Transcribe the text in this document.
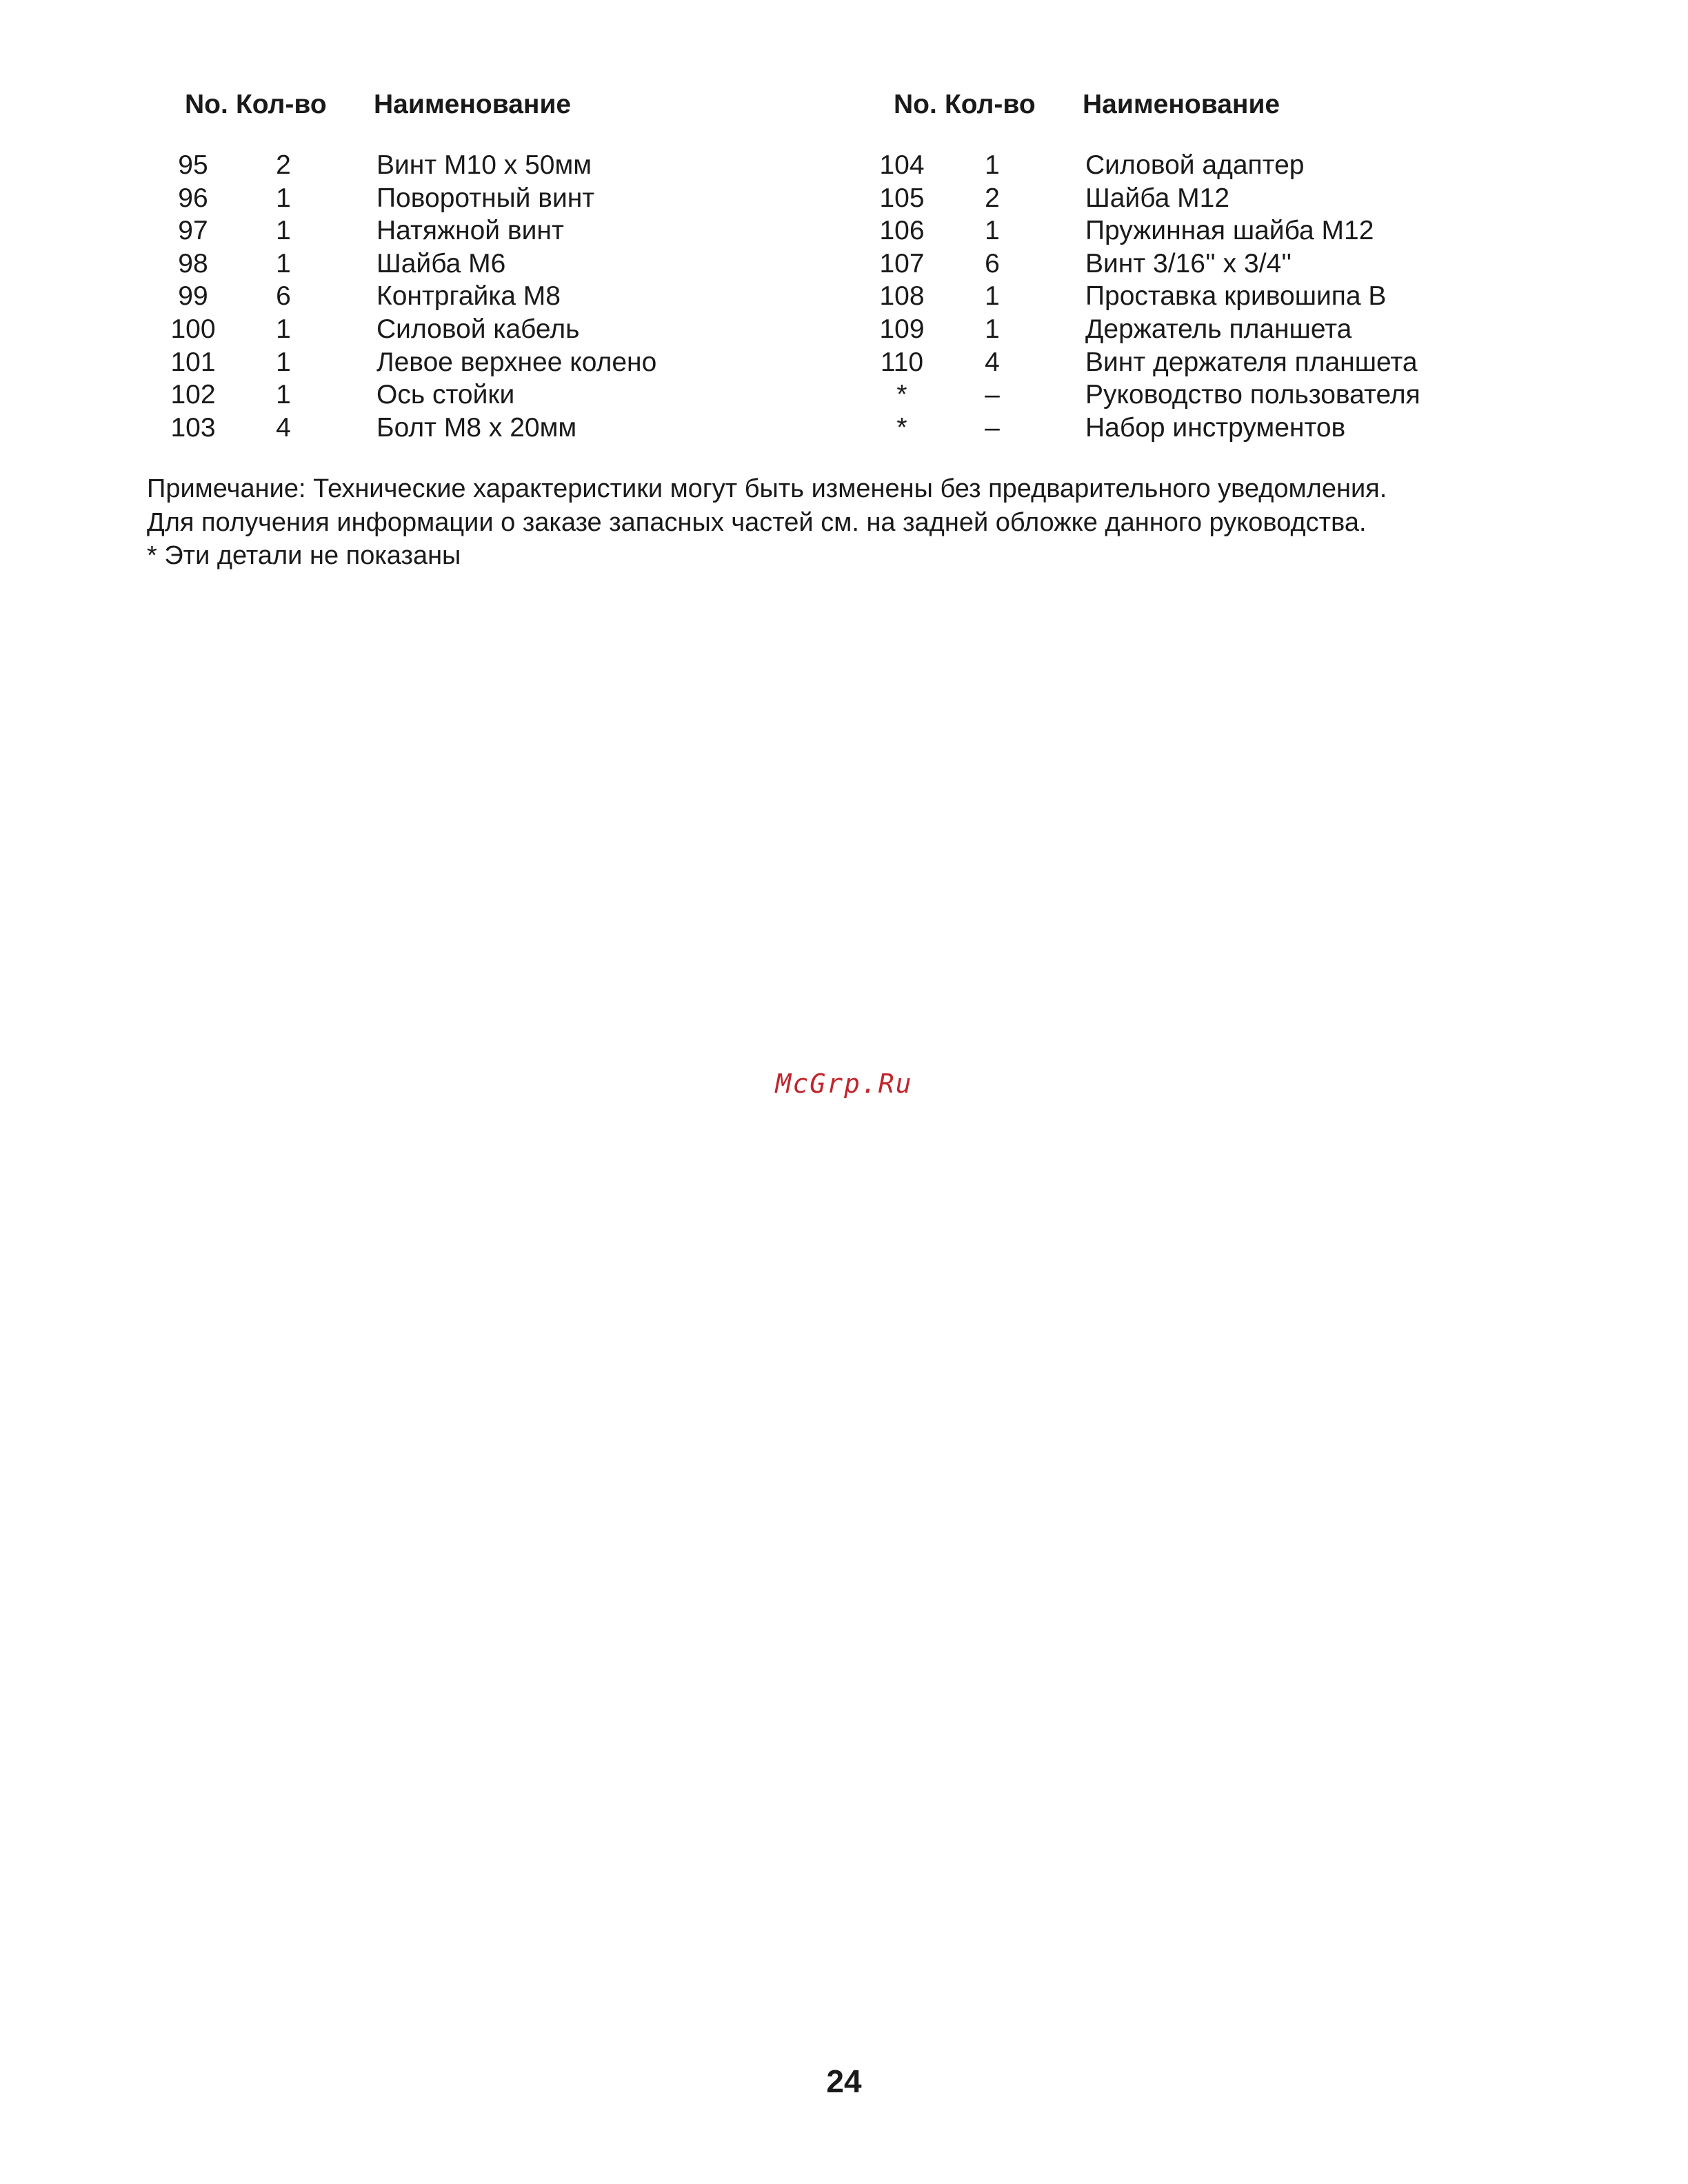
No. Кол-во Наименование
95	2	Винт М10 x 50мм
96	1	Поворотный винт
97	1	Натяжной винт
98	1	Шайба М6
99	6	Контргайка М8
100	1	Силовой кабель
101	1	Левое верхнее колено
102	1	Ось стойки
103	4	Болт М8 x 20мм
No. Кол-во Наименование
104	1	Силовой адаптер
105	2	Шайба М12
106	1	Пружинная шайба М12
107	6	Винт 3/16'' x 3/4''
108	1	Проставка кривошипа B
109	1	Держатель планшета
110	4	Винт держателя планшета
*	–	Руководство пользователя
*	–	Набор инструментов
Примечание: Технические характеристики могут быть изменены без предварительного уведомления.
Для получения информации о заказе запасных частей см. на задней обложке данного руководства.
* Эти детали не показаны
McGrp.Ru
24
